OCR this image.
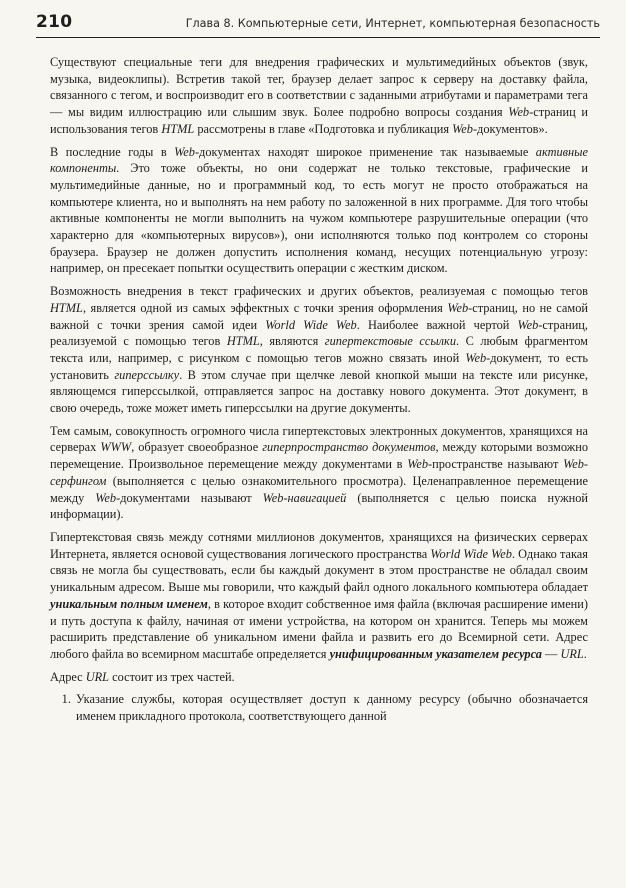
210	Глава 8. Компьютерные сети, Интернет, компьютерная безопасность

Существуют специальные теги для внедрения графических и мультимедийных объектов (звук, музыка, видеоклипы). Встретив такой тег, браузер делает запрос к серверу на доставку файла, связанного с тегом, и воспроизводит его в соответствии с заданными атрибутами и параметрами тега — мы видим иллюстрацию или слышим звук. Более подробно вопросы создания Web-страниц и использования тегов HTML рассмотрены в главе «Подготовка и публикация Web-документов».

В последние годы в Web-документах находят широкое применение так называемые активные компоненты. Это тоже объекты, но они содержат не только текстовые, графические и мультимедийные данные, но и программный код, то есть могут не просто отображаться на компьютере клиента, но и выполнять на нем работу по заложенной в них программе. Для того чтобы активные компоненты не могли выполнить на чужом компьютере разрушительные операции (что характерно для «компьютерных вирусов»), они исполняются только под контролем со стороны браузера. Браузер не должен допустить исполнения команд, несущих потенциальную угрозу: например, он пресекает попытки осуществить операции с жестким диском.

Возможность внедрения в текст графических и других объектов, реализуемая с помощью тегов HTML, является одной из самых эффектных с точки зрения оформления Web-страниц, но не самой важной с точки зрения самой идеи World Wide Web. Наиболее важной чертой Web-страниц, реализуемой с помощью тегов HTML, являются гипертекстовые ссылки. С любым фрагментом текста или, например, с рисунком с помощью тегов можно связать иной Web-документ, то есть установить гиперссылку. В этом случае при щелчке левой кнопкой мыши на тексте или рисунке, являющемся гиперссылкой, отправляется запрос на доставку нового документа. Этот документ, в свою очередь, тоже может иметь гиперссылки на другие документы.

Тем самым, совокупность огромного числа гипертекстовых электронных документов, хранящихся на серверах WWW, образует своеобразное гиперпространство документов, между которыми возможно перемещение. Произвольное перемещение между документами в Web-пространстве называют Web-серфингом (выполняется с целью ознакомительного просмотра). Целенаправленное перемещение между Web-документами называют Web-навигацией (выполняется с целью поиска нужной информации).

Гипертекстовая связь между сотнями миллионов документов, хранящихся на физических серверах Интернета, является основой существования логического пространства World Wide Web. Однако такая связь не могла бы существовать, если бы каждый документ в этом пространстве не обладал своим уникальным адресом. Выше мы говорили, что каждый файл одного локального компьютера обладает уникальным полным именем, в которое входит собственное имя файла (включая расширение имени) и путь доступа к файлу, начиная от имени устройства, на котором он хранится. Теперь мы можем расширить представление об уникальном имени файла и развить его до Всемирной сети. Адрес любого файла во всемирном масштабе определяется унифицированным указателем ресурса — URL.

Адрес URL состоит из трех частей.

1. Указание службы, которая осуществляет доступ к данному ресурсу (обычно обозначается именем прикладного протокола, соответствующего данной
